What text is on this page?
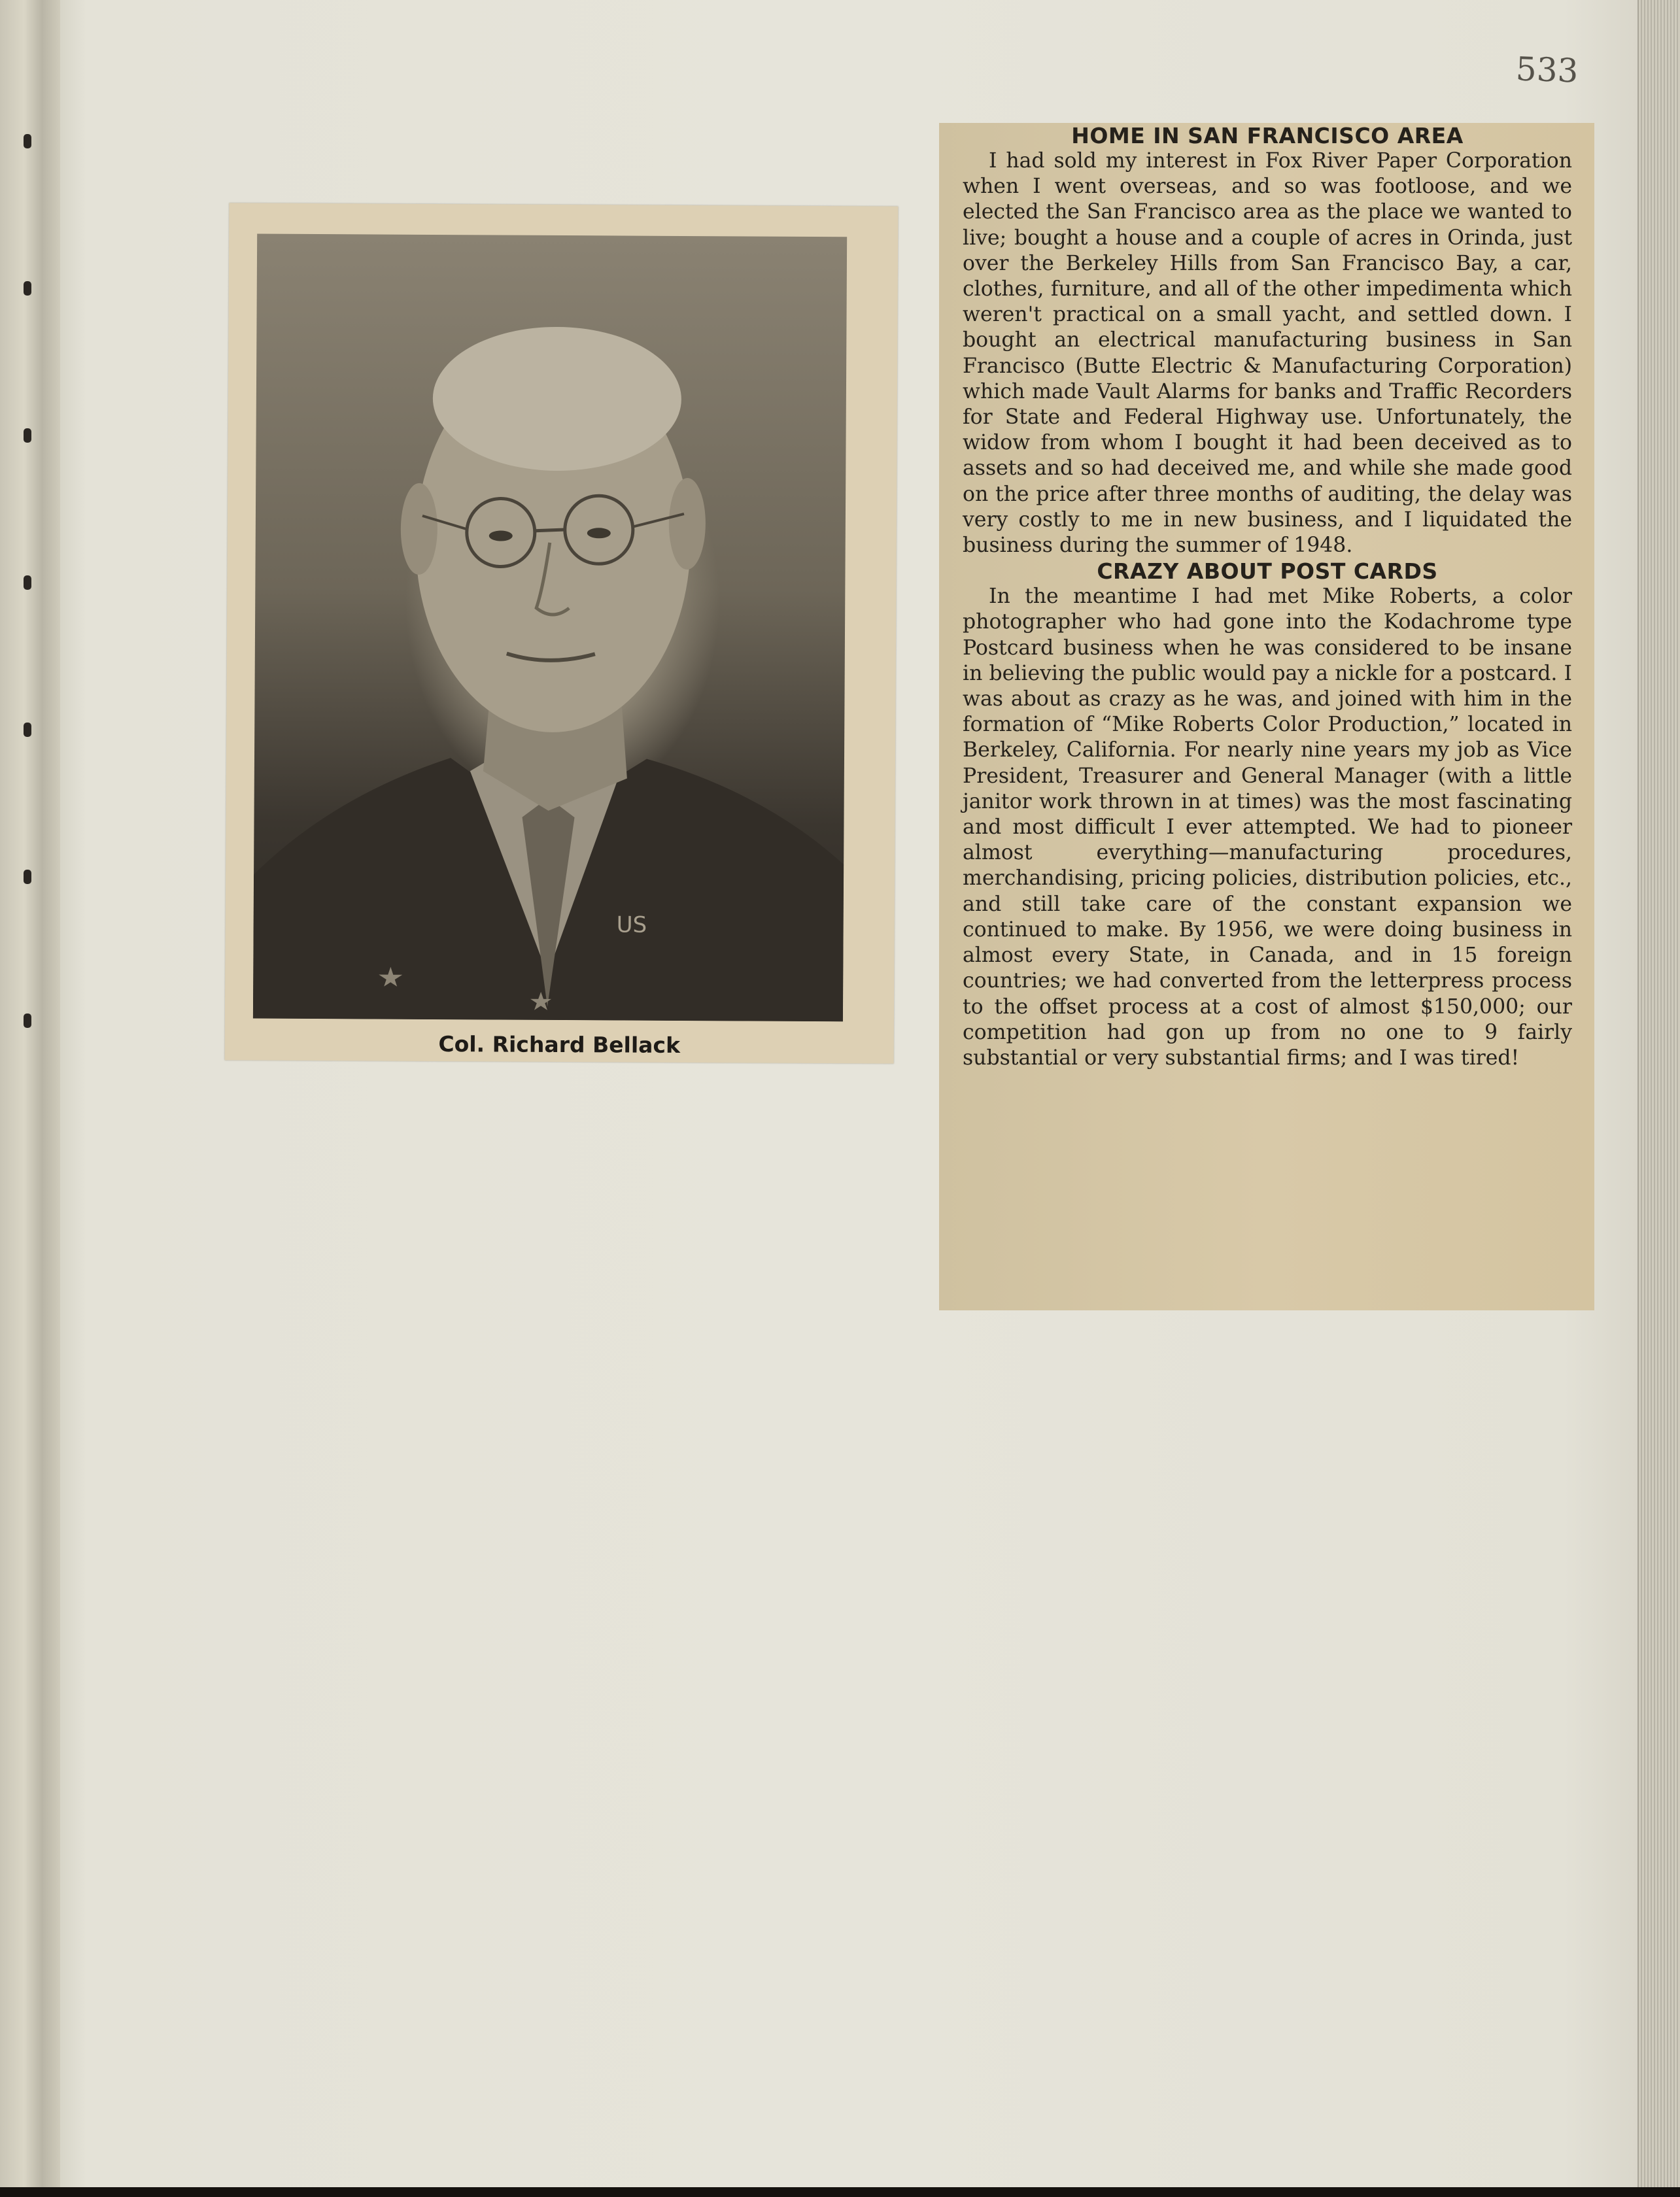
533
US
Col. Richard Bellack
HOME IN SAN FRANCISCO AREA

I had sold my interest in Fox River Paper Corporation when I went overseas, and so was footloose, and we elected the San Francisco area as the place we wanted to live; bought a house and a couple of acres in Orinda, just over the Berkeley Hills from San Francisco Bay, a car, clothes, furniture, and all of the other impedimenta which weren't practical on a small yacht, and settled down. I bought an electrical manufacturing business in San Francisco (Butte Electric & Manufacturing Corporation) which made Vault Alarms for banks and Traffic Recorders for State and Federal Highway use. Unfortunately, the widow from whom I bought it had been deceived as to assets and so had deceived me, and while she made good on the price after three months of auditing, the delay was very costly to me in new business, and I liquidated the business during the summer of 1948.

CRAZY ABOUT POST CARDS

In the meantime I had met Mike Roberts, a color photographer who had gone into the Kodachrome type Postcard business when he was considered to be insane in believing the public would pay a nickle for a postcard. I was about as crazy as he was, and joined with him in the formation of “Mike Roberts Color Production,” located in Berkeley, California. For nearly nine years my job as Vice President, Treasurer and General Manager (with a little janitor work thrown in at times) was the most fascinating and most difficult I ever attempted. We had to pioneer almost everything—manufacturing procedures, merchandising, pricing policies, distribution policies, etc., and still take care of the constant expansion we continued to make. By 1956, we were doing business in almost every State, in Canada, and in 15 foreign countries; we had converted from the letterpress process to the offset process at a cost of almost $150,000; our competition had gon up from no one to 9 fairly substantial or very substantial firms; and I was tired!
